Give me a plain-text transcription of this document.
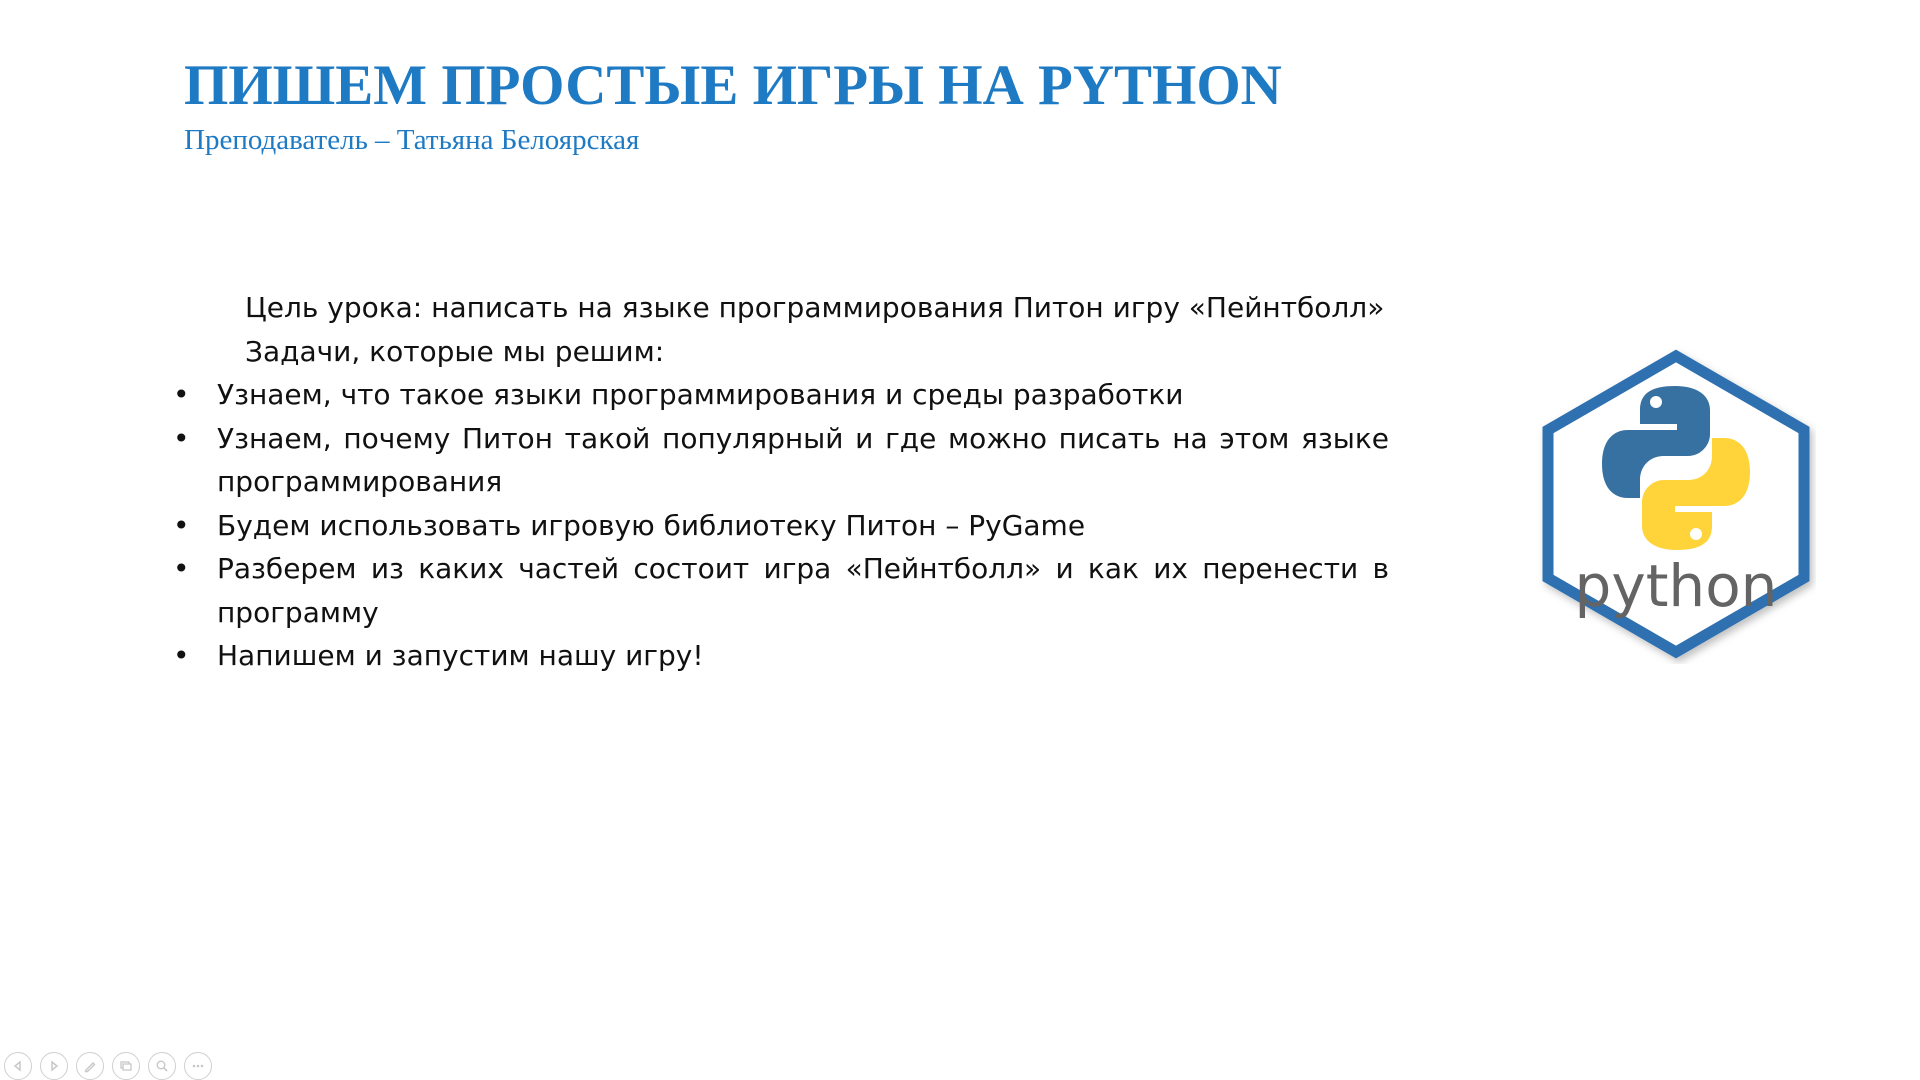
ПИШЕМ ПРОСТЫЕ ИГРЫ НА PYTHON
Преподаватель – Татьяна Белоярская

Цель урока: написать на языке программирования Питон игру «Пейнтболл»

Задачи, которые мы решим:

• Узнаем, что такое языки программирования и среды разработки
• Узнаем, почему Питон такой популярный и где можно писать на этом языке программирования
• Будем использовать игровую библиотеку Питон – PyGame
• Разберем из каких частей состоит игра «Пейнтболл» и как их перенести в программу
• Напишем и запустим нашу игру!
python
